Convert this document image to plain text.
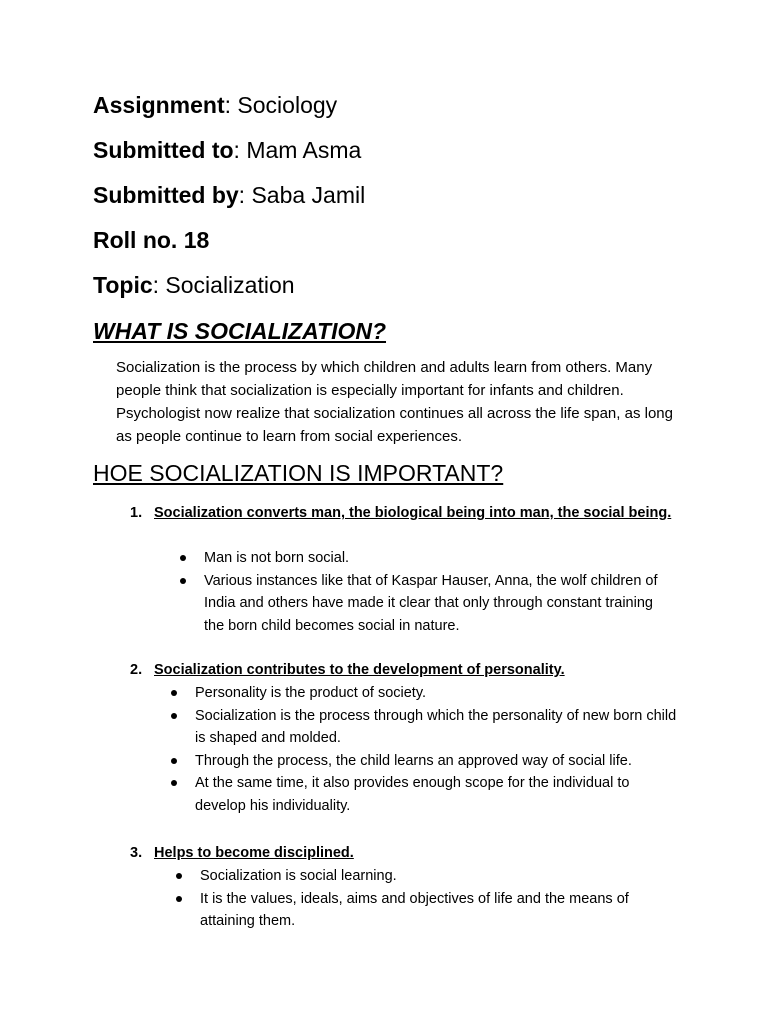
Assignment: Sociology
Submitted to: Mam Asma
Submitted by: Saba Jamil
Roll no. 18
Topic: Socialization
WHAT IS SOCIALIZATION?
Socialization is the process by which children and adults learn from others. Many people think that socialization is especially important for infants and children. Psychologist now realize that socialization continues all across the life span, as long as people continue to learn from social experiences.
HOE SOCIALIZATION IS IMPORTANT?
1. Socialization converts man, the biological being into man, the social being.
Man is not born social.
Various instances like that of Kaspar Hauser, Anna, the wolf children of India and others have made it clear that only through constant training the born child becomes social in nature.
2. Socialization contributes to the development of personality.
Personality is the product of society.
Socialization is the process through which the personality of new born child is shaped and molded.
Through the process, the child learns an approved way of social life.
At the same time, it also provides enough scope for the individual to develop his individuality.
3. Helps to become disciplined.
Socialization is social learning.
It is the values, ideals, aims and objectives of life and the means of attaining them.
